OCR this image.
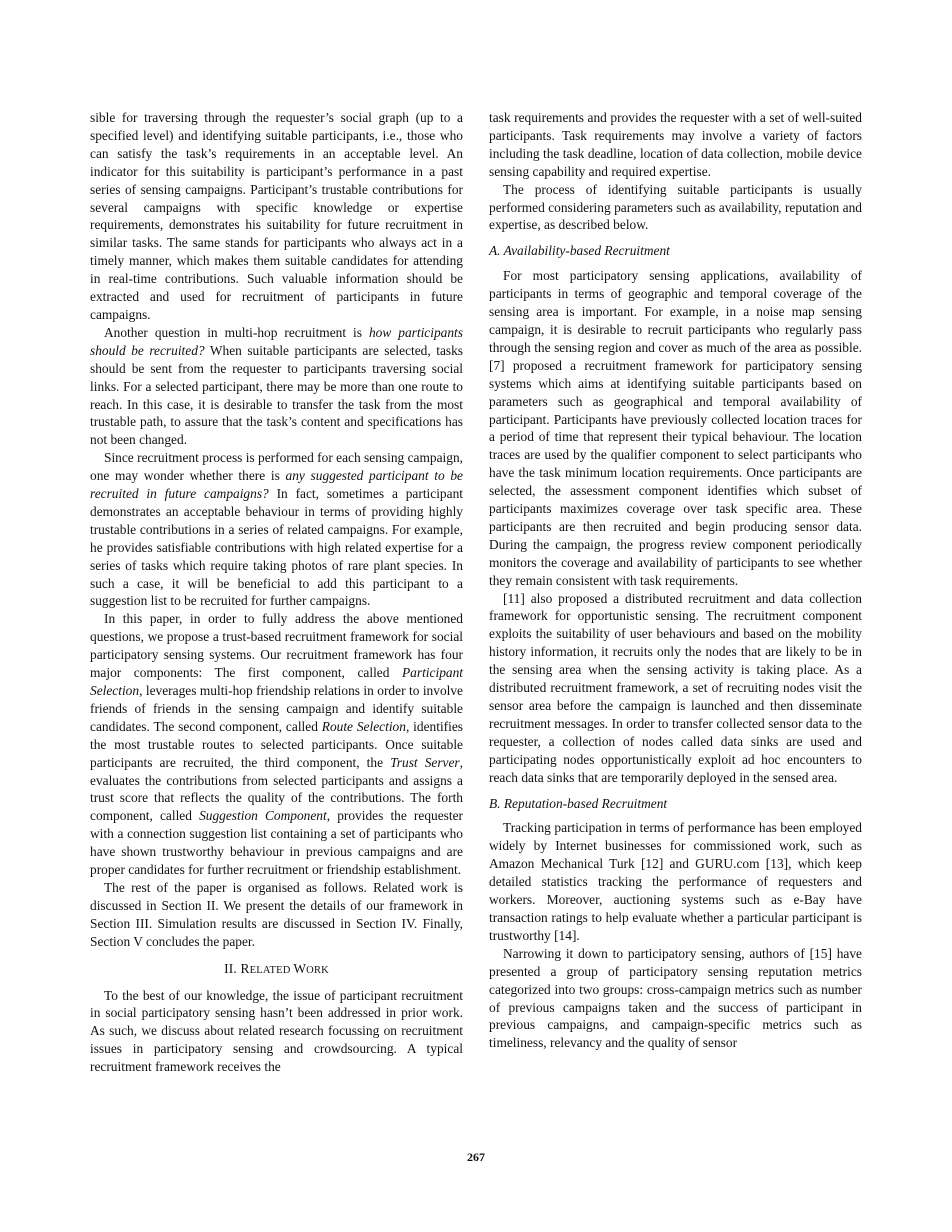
sible for traversing through the requester’s social graph (up to a specified level) and identifying suitable participants, i.e., those who can satisfy the task’s requirements in an acceptable level. An indicator for this suitability is participant’s performance in a past series of sensing campaigns. Participant’s trustable contributions for several campaigns with specific knowledge or expertise requirements, demonstrates his suitability for future recruitment in similar tasks. The same stands for participants who always act in a timely manner, which makes them suitable candidates for attending in real-time contributions. Such valuable information should be extracted and used for recruitment of participants in future campaigns.

Another question in multi-hop recruitment is how participants should be recruited? When suitable participants are selected, tasks should be sent from the requester to participants traversing social links. For a selected participant, there may be more than one route to reach. In this case, it is desirable to transfer the task from the most trustable path, to assure that the task’s content and specifications has not been changed.

Since recruitment process is performed for each sensing campaign, one may wonder whether there is any suggested participant to be recruited in future campaigns? In fact, sometimes a participant demonstrates an acceptable behaviour in terms of providing highly trustable contributions in a series of related campaigns. For example, he provides satisfiable contributions with high related expertise for a series of tasks which require taking photos of rare plant species. In such a case, it will be beneficial to add this participant to a suggestion list to be recruited for further campaigns.

In this paper, in order to fully address the above mentioned questions, we propose a trust-based recruitment framework for social participatory sensing systems. Our recruitment framework has four major components: The first component, called Participant Selection, leverages multi-hop friendship relations in order to involve friends of friends in the sensing campaign and identify suitable candidates. The second component, called Route Selection, identifies the most trustable routes to selected participants. Once suitable participants are recruited, the third component, the Trust Server, evaluates the contributions from selected participants and assigns a trust score that reflects the quality of the contributions. The forth component, called Suggestion Component, provides the requester with a connection suggestion list containing a set of participants who have shown trustworthy behaviour in previous campaigns and are proper candidates for further recruitment or friendship establishment.

The rest of the paper is organised as follows. Related work is discussed in Section II. We present the details of our framework in Section III. Simulation results are discussed in Section IV. Finally, Section V concludes the paper.

II. RELATED WORK

To the best of our knowledge, the issue of participant recruitment in social participatory sensing hasn’t been addressed in prior work. As such, we discuss about related research focussing on recruitment issues in participatory sensing and crowdsourcing. A typical recruitment framework receives the

task requirements and provides the requester with a set of well-suited participants. Task requirements may involve a variety of factors including the task deadline, location of data collection, mobile device sensing capability and required expertise.

The process of identifying suitable participants is usually performed considering parameters such as availability, reputation and expertise, as described below.

A. Availability-based Recruitment

For most participatory sensing applications, availability of participants in terms of geographic and temporal coverage of the sensing area is important. For example, in a noise map sensing campaign, it is desirable to recruit participants who regularly pass through the sensing region and cover as much of the area as possible. [7] proposed a recruitment framework for participatory sensing systems which aims at identifying suitable participants based on parameters such as geographical and temporal availability of participant. Participants have previously collected location traces for a period of time that represent their typical behaviour. The location traces are used by the qualifier component to select participants who have the task minimum location requirements. Once participants are selected, the assessment component identifies which subset of participants maximizes coverage over task specific area. These participants are then recruited and begin producing sensor data. During the campaign, the progress review component periodically monitors the coverage and availability of participants to see whether they remain consistent with task requirements.

[11] also proposed a distributed recruitment and data collection framework for opportunistic sensing. The recruitment component exploits the suitability of user behaviours and based on the mobility history information, it recruits only the nodes that are likely to be in the sensing area when the sensing activity is taking place. As a distributed recruitment framework, a set of recruiting nodes visit the sensor area before the campaign is launched and then disseminate recruitment messages. In order to transfer collected sensor data to the requester, a collection of nodes called data sinks are used and participating nodes opportunistically exploit ad hoc encounters to reach data sinks that are temporarily deployed in the sensed area.

B. Reputation-based Recruitment

Tracking participation in terms of performance has been employed widely by Internet businesses for commissioned work, such as Amazon Mechanical Turk [12] and GURU.com [13], which keep detailed statistics tracking the performance of requesters and workers. Moreover, auctioning systems such as e-Bay have transaction ratings to help evaluate whether a particular participant is trustworthy [14].

Narrowing it down to participatory sensing, authors of [15] have presented a group of participatory sensing reputation metrics categorized into two groups: cross-campaign metrics such as number of previous campaigns taken and the success of participant in previous campaigns, and campaign-specific metrics such as timeliness, relevancy and the quality of sensor

267
